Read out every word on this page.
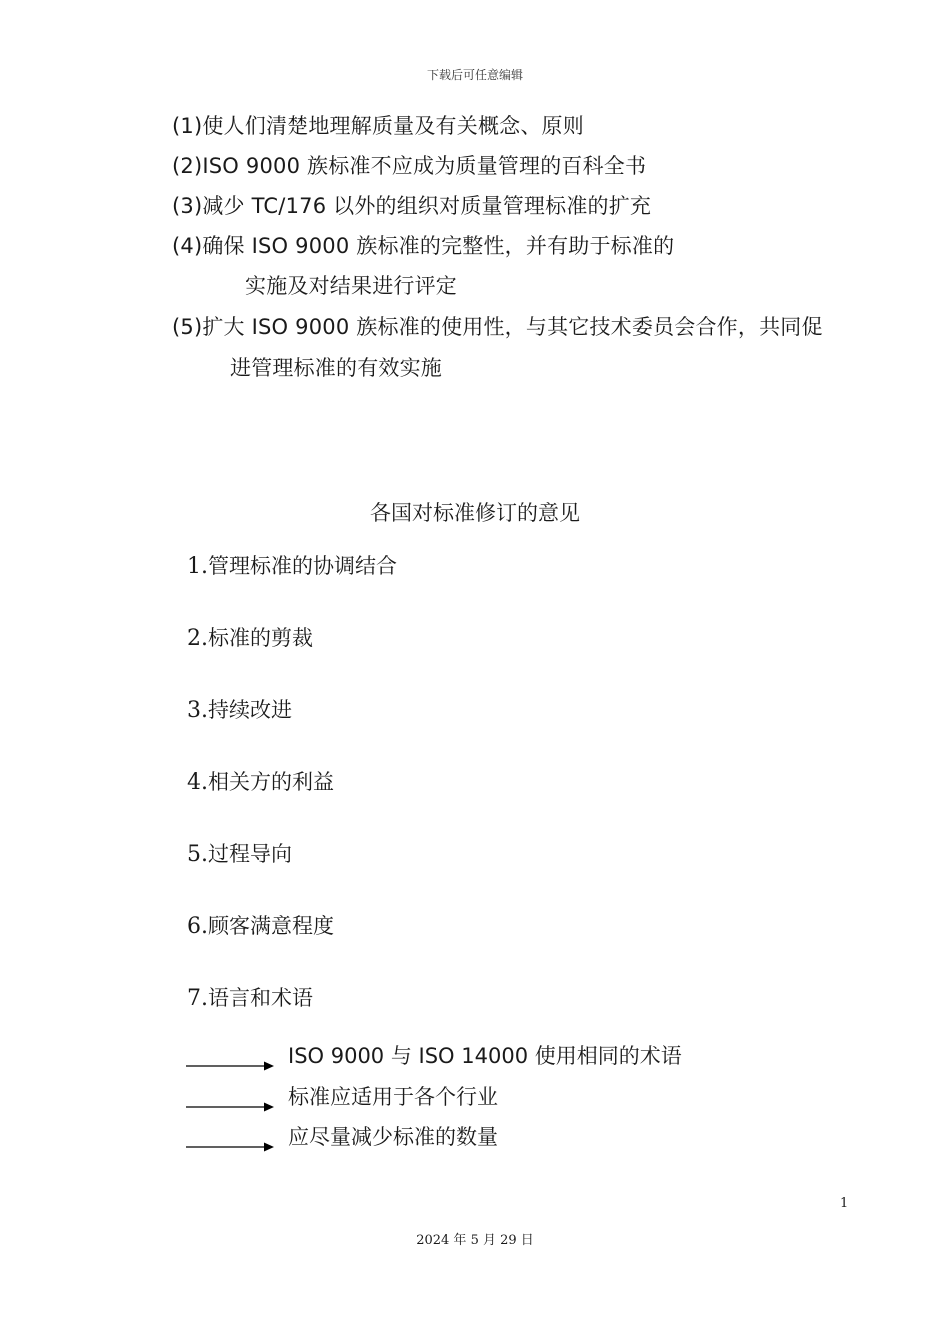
下载后可任意编辑
(1)使人们清楚地理解质量及有关概念、原则
(2)ISO 9000 族标准不应成为质量管理的百科全书
(3)减少 TC/176 以外的组织对质量管理标准的扩充
(4)确保 ISO 9000 族标准的完整性，并有助于标准的
实施及对结果进行评定
(5)扩大 ISO 9000 族标准的使用性，与其它技术委员会合作，共同促
进管理标准的有效实施
各国对标准修订的意见
1.管理标准的协调结合
2.标准的剪裁
3.持续改进
4.相关方的利益
5.过程导向
6.顾客满意程度
7.语言和术语
ISO 9000 与 ISO 14000 使用相同的术语
标准应适用于各个行业
应尽量减少标准的数量
1
2024 年 5 月 29 日
